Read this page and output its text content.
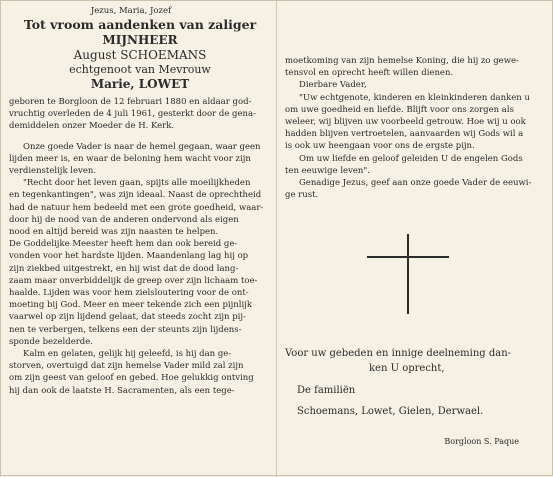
Jezus, Maria, Jozef
Tot vroom aandenken van zaliger
MIJNHEER
August SCHOEMANS
echtgenoot van Mevrouw
Marie, LOWET

geboren te Borgloon de 12 februari 1880 en aldaar god-

vruchtig overleden de 4 juli 1961, gesterkt door de gena-

demiddelen onzer Moeder de H. Kerk.

Onze goede Vader is naar de hemel gegaan, waar geen

lijden meer is, en waar de beloning hem wacht voor zijn

verdienstelijk leven.

"Recht door het leven gaan, spijts alle moeilijkheden

en tegenkantingen", was zijn ideaal. Naast de oprechtheid

had de natuur hem bedeeld met een grote goedheid, waar-

door hij de nood van de anderen ondervond als eigen

nood en altijd bereid was zijn naasten te helpen.

De Goddelijke Meester heeft hem dan ook bereid ge-

vonden voor het hardste lijden. Maandenlang lag hij op

zijn ziekbed uitgestrekt, en hij wist dat de dood lang-

zaam maar onverbiddelijk de greep over zijn lichaam toe-

haalde. Lijden was voor hem zielsloutering voor de ont-

moeting bij God. Meer en meer tekende zich een pijnlijk

vaarwel op zijn lijdend gelaat, dat steeds zocht zijn pij-

nen te verbergen, telkens een der steunts zijn lijdens-

sponde bezelderde.

Kalm en gelaten, gelijk hij geleefd, is hij dan ge-

storven, overtuigd dat zijn hemelse Vader mild zal zijn

om zijn geest van geloof en gebed. Hoe gelukkig ontving

hij dan ook de laatste H. Sacramenten, als een tege-

moetkoming van zijn hemelse Koning, die hij zo gewe-

tensvol en oprecht heeft willen dienen.

Dierbare Vader,

"Uw echtgenote, kinderen en kleinkinderen danken u

om uwe goedheid en liefde. Blijft voor ons zorgen als

weleer, wij blijven uw voorbeeld getrouw. Hoe wij u ook

hadden blijven vertroetelen, aanvaarden wij Gods wil a

is ook uw heengaan voor ons de ergste pijn.

Om uw liefde en geloof geleiden U de engelen Gods

ten eeuwige leven".

Genadige Jezus, geef aan onze goede Vader de eeuwi-

ge rust.

Voor uw gebeden en innige deelneming dan-
ken U oprecht,
De familiën
Schoemans, Lowet, Gielen, Derwael.
Borgloon S. Paque
